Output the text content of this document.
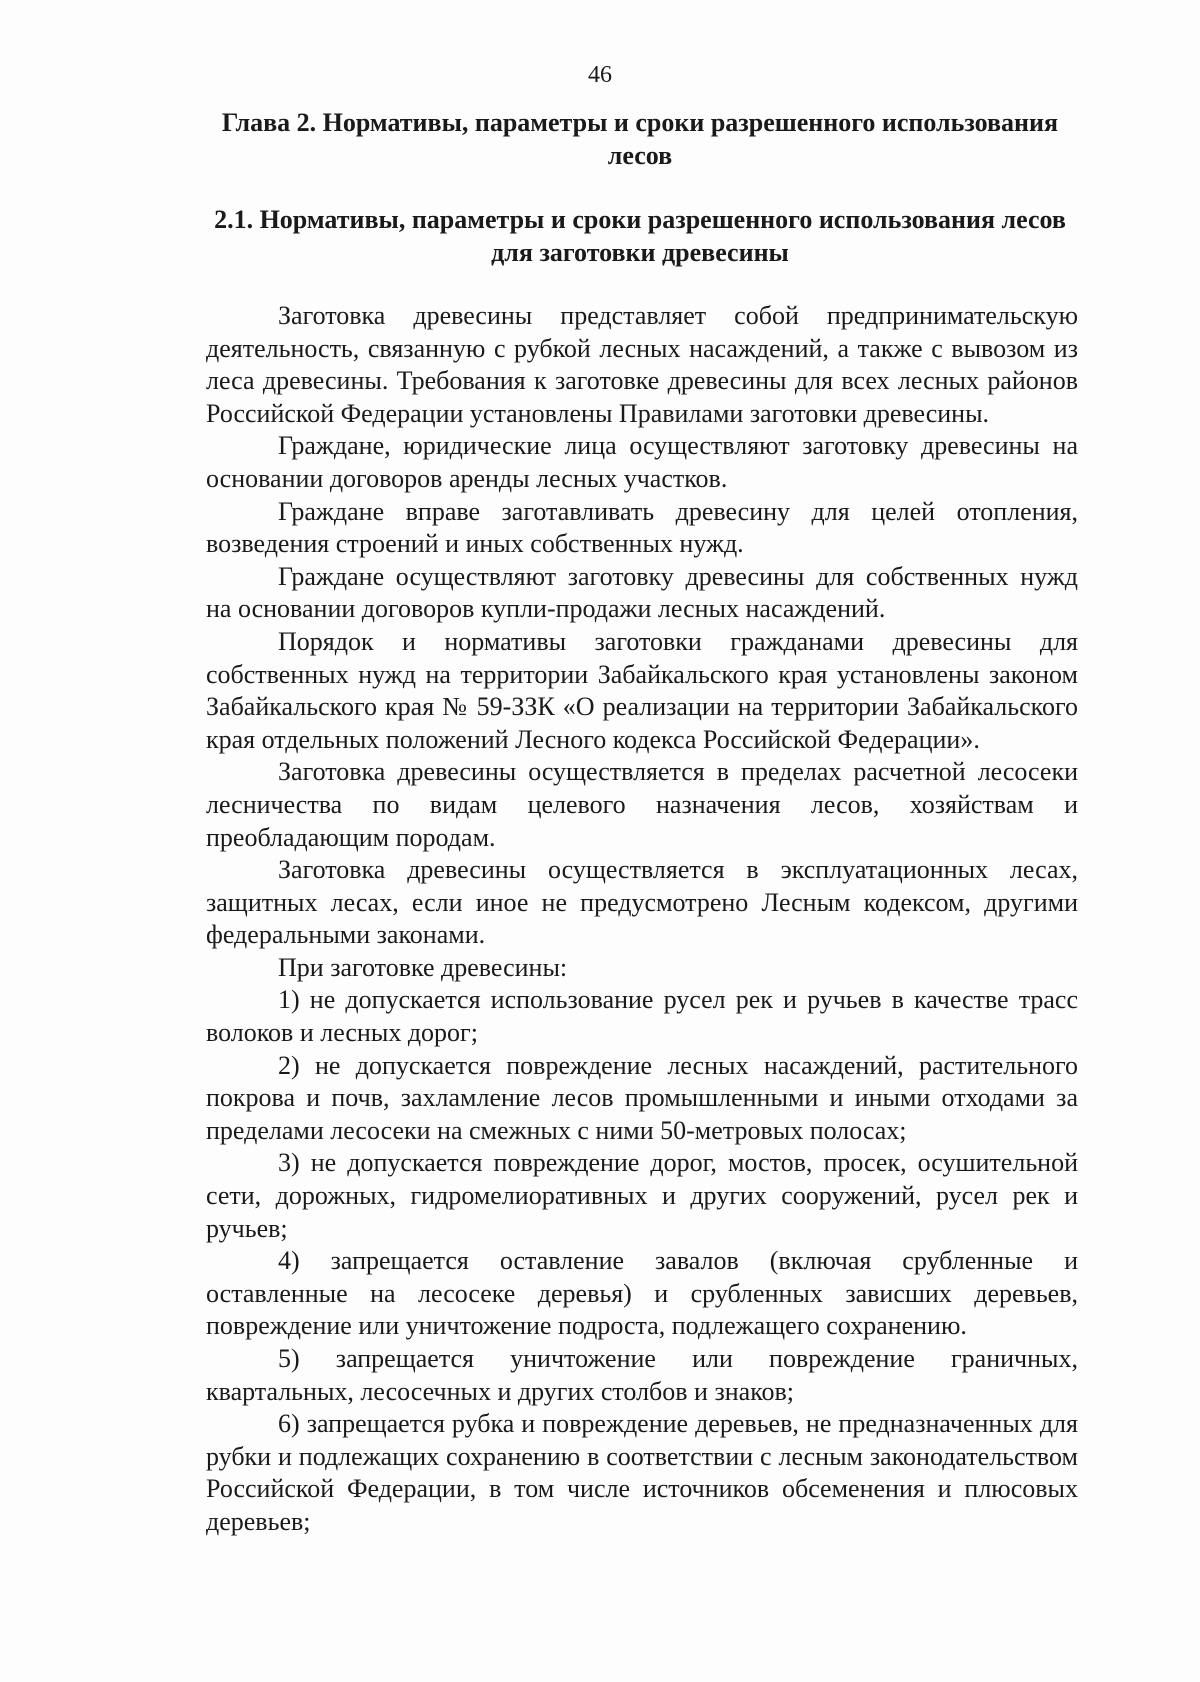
46
Глава 2. Нормативы, параметры и сроки разрешенного использования лесов
2.1. Нормативы, параметры и сроки разрешенного использования лесов для заготовки древесины

Заготовка древесины представляет собой предпринимательскую деятельность, связанную с рубкой лесных насаждений, а также с вывозом из леса древесины. Требования к заготовке древесины для всех лесных районов Российской Федерации установлены Правилами заготовки древесины.

Граждане, юридические лица осуществляют заготовку древесины на основании договоров аренды лесных участков.

Граждане вправе заготавливать древесину для целей отопления, возведения строений и иных собственных нужд.

Граждане осуществляют заготовку древесины для собственных нужд на основании договоров купли-продажи лесных насаждений.

Порядок и нормативы заготовки гражданами древесины для собственных нужд на территории Забайкальского края установлены законом Забайкальского края № 59-ЗЗК «О реализации на территории Забайкальского края отдельных положений Лесного кодекса Российской Федерации».

Заготовка древесины осуществляется в пределах расчетной лесосеки лесничества по видам целевого назначения лесов, хозяйствам и преобладающим породам.

Заготовка древесины осуществляется в эксплуатационных лесах, защитных лесах, если иное не предусмотрено Лесным кодексом, другими федеральными законами.

При заготовке древесины:

1) не допускается использование русел рек и ручьев в качестве трасс волоков и лесных дорог;

2) не допускается повреждение лесных насаждений, растительного покрова и почв, захламление лесов промышленными и иными отходами за пределами лесосеки на смежных с ними 50-метровых полосах;

3) не допускается повреждение дорог, мостов, просек, осушительной сети, дорожных, гидромелиоративных и других сооружений, русел рек и ручьев;

4) запрещается оставление завалов (включая срубленные и оставленные на лесосеке деревья) и срубленных зависших деревьев, повреждение или уничтожение подроста, подлежащего сохранению.

5) запрещается уничтожение или повреждение граничных, квартальных, лесосечных и других столбов и знаков;

6) запрещается рубка и повреждение деревьев, не предназначенных для рубки и подлежащих сохранению в соответствии с лесным законодательством Российской Федерации, в том числе источников обсеменения и плюсовых деревьев;
